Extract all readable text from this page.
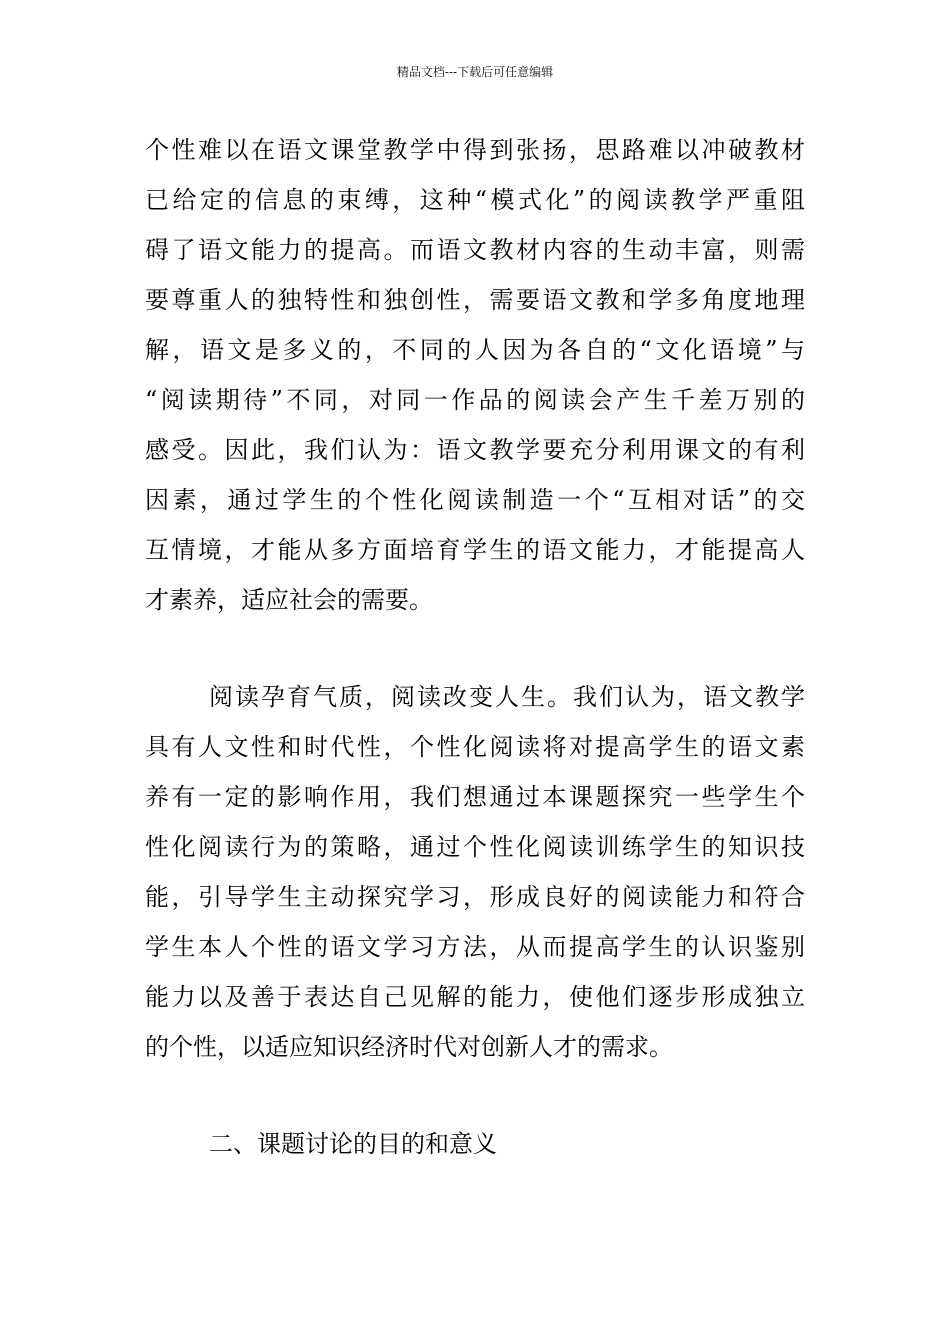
精品文档---下载后可任意编辑
个性难以在语文课堂教学中得到张扬，思路难以冲破教材
已给定的信息的束缚，这种“模式化”的阅读教学严重阻
碍了语文能力的提高。而语文教材内容的生动丰富，则需
要尊重人的独特性和独创性，需要语文教和学多角度地理
解，语文是多义的，不同的人因为各自的“文化语境”与
“阅读期待”不同，对同一作品的阅读会产生千差万别的
感受。因此，我们认为：语文教学要充分利用课文的有利
因素，通过学生的个性化阅读制造一个“互相对话”的交
互情境，才能从多方面培育学生的语文能力，才能提高人
才素养，适应社会的需要。
阅读孕育气质，阅读改变人生。我们认为，语文教学
具有人文性和时代性，个性化阅读将对提高学生的语文素
养有一定的影响作用，我们想通过本课题探究一些学生个
性化阅读行为的策略，通过个性化阅读训练学生的知识技
能，引导学生主动探究学习，形成良好的阅读能力和符合
学生本人个性的语文学习方法，从而提高学生的认识鉴别
能力以及善于表达自己见解的能力，使他们逐步形成独立
的个性，以适应知识经济时代对创新人才的需求。
二、课题讨论的目的和意义
